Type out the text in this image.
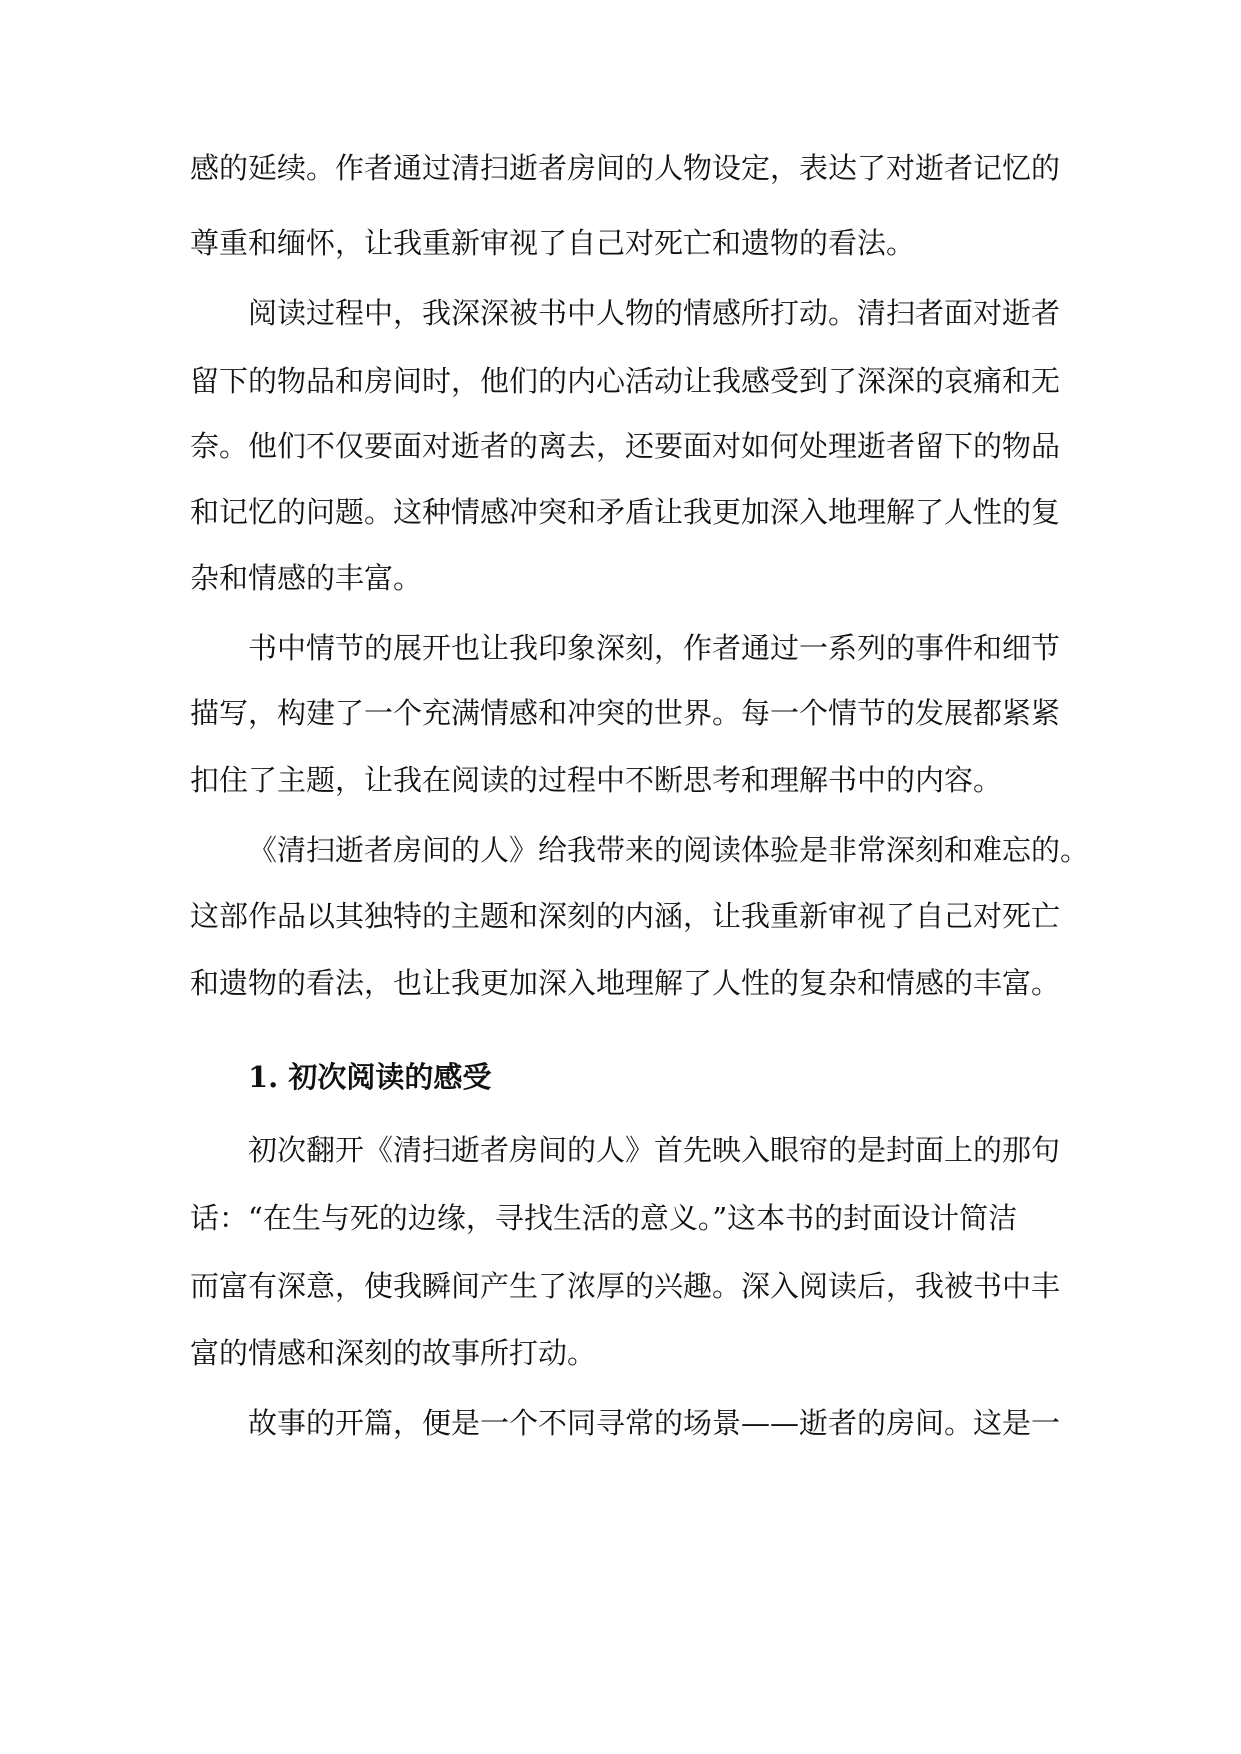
感的延续。作者通过清扫逝者房间的人物设定，表达了对逝者记忆的
尊重和缅怀，让我重新审视了自己对死亡和遗物的看法。
阅读过程中，我深深被书中人物的情感所打动。清扫者面对逝者
留下的物品和房间时，他们的内心活动让我感受到了深深的哀痛和无
奈。他们不仅要面对逝者的离去，还要面对如何处理逝者留下的物品
和记忆的问题。这种情感冲突和矛盾让我更加深入地理解了人性的复
杂和情感的丰富。
书中情节的展开也让我印象深刻，作者通过一系列的事件和细节
描写，构建了一个充满情感和冲突的世界。每一个情节的发展都紧紧
扣住了主题，让我在阅读的过程中不断思考和理解书中的内容。
《清扫逝者房间的人》给我带来的阅读体验是非常深刻和难忘的。
这部作品以其独特的主题和深刻的内涵，让我重新审视了自己对死亡
和遗物的看法，也让我更加深入地理解了人性的复杂和情感的丰富。
1. 初次阅读的感受
初次翻开《清扫逝者房间的人》首先映入眼帘的是封面上的那句
话：“在生与死的边缘，寻找生活的意义。”这本书的封面设计简洁
而富有深意，使我瞬间产生了浓厚的兴趣。深入阅读后，我被书中丰
富的情感和深刻的故事所打动。
故事的开篇，便是一个不同寻常的场景——逝者的房间。这是一
